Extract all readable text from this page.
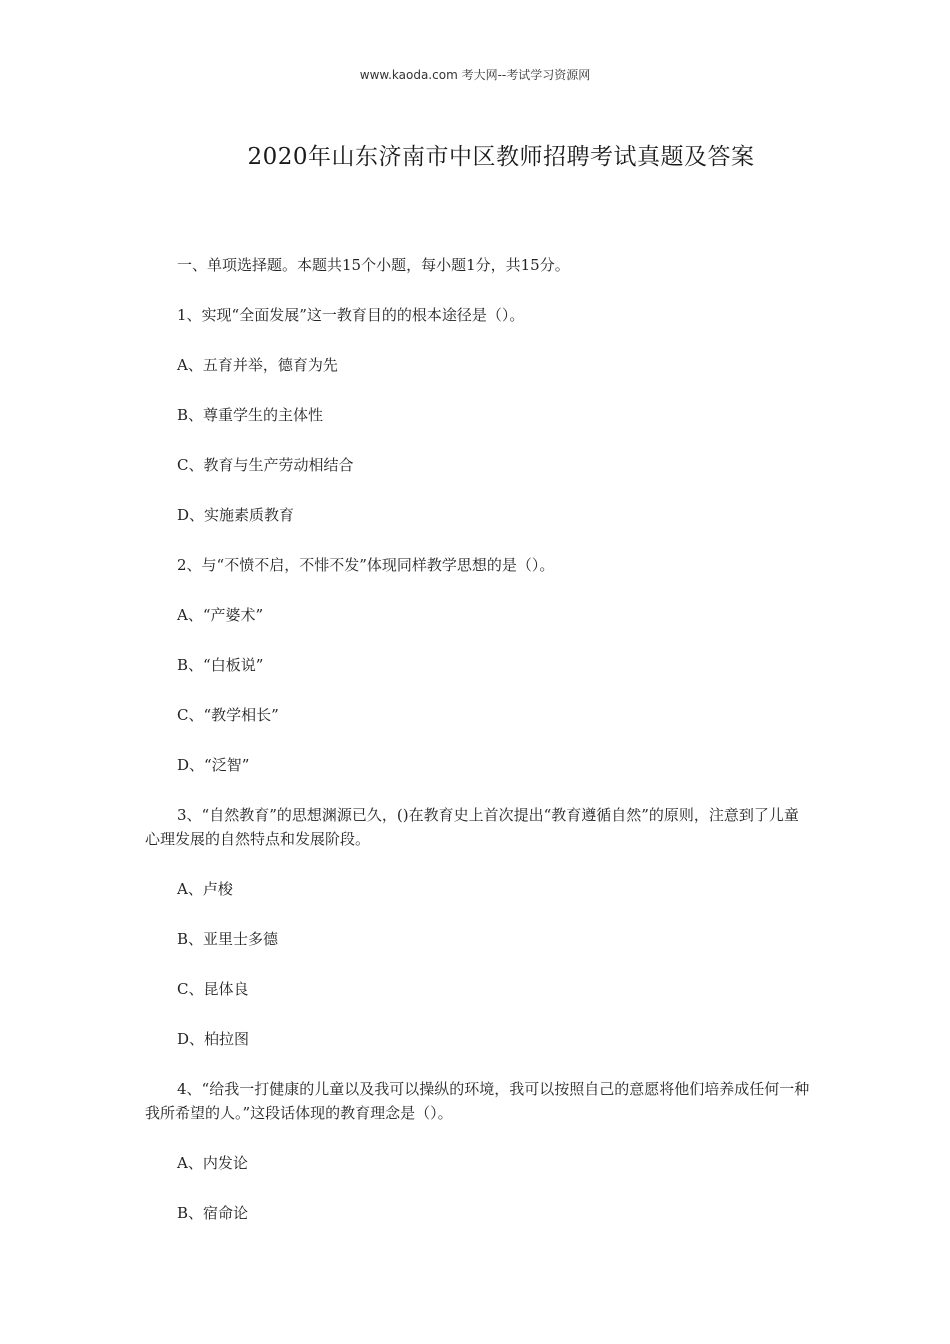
www.kaoda.com 考大网--考试学习资源网
2020年山东济南市中区教师招聘考试真题及答案

一、单项选择题。本题共15个小题，每小题1分，共15分。

1、实现“全面发展”这一教育目的的根本途径是（）。

A、五育并举，德育为先

B、尊重学生的主体性

C、教育与生产劳动相结合

D、实施素质教育

2、与“不愤不启，不悱不发”体现同样教学思想的是（）。

A、“产婆术”

B、“白板说”

C、“教学相长”

D、“泛智”

3、“自然教育”的思想渊源已久，()在教育史上首次提出“教育遵循自然”的原则，注意到了儿童心理发展的自然特点和发展阶段。

A、卢梭

B、亚里士多德

C、昆体良

D、柏拉图

4、“给我一打健康的儿童以及我可以操纵的环境，我可以按照自己的意愿将他们培养成任何一种我所希望的人。”这段话体现的教育理念是（）。

A、内发论

B、宿命论
